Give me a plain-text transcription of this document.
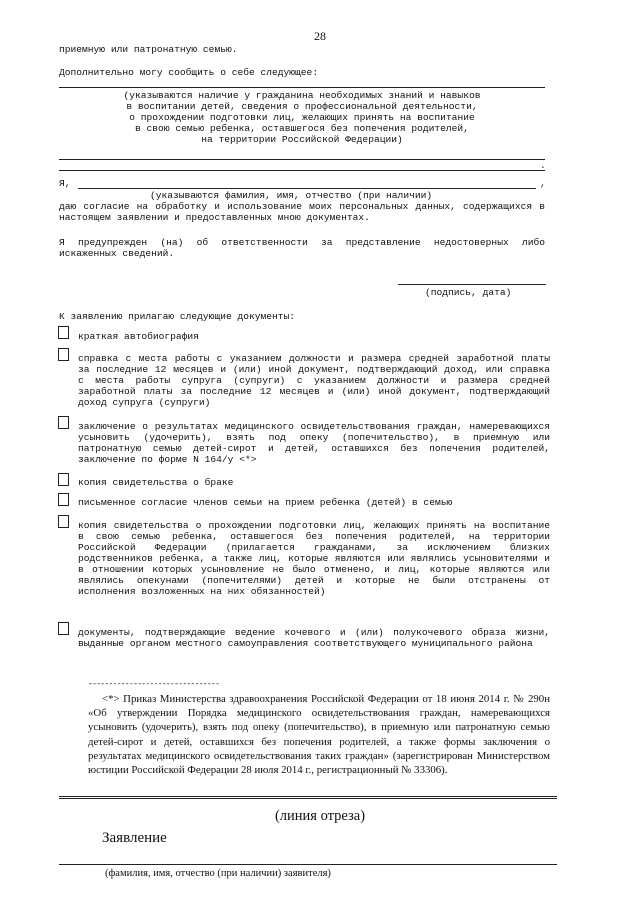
28
приемную или патронатную семью.
Дополнительно могу сообщить о себе следующее:
(указываются наличие у гражданина необходимых знаний и навыков
в воспитании детей, сведения о профессиональной деятельности,
о прохождении подготовки лиц, желающих принять на воспитание
в свою семью ребенка, оставшегося без попечения родителей,
на территории Российской Федерации)
.
Я,	,
(указываются фамилия, имя, отчество (при наличии)
даю согласие на обработку и использование моих персональных данных, содержащихся в настоящем заявлении и предоставленных мною документах.
Я предупрежден (на) об ответственности за представление недостоверных либо искаженных сведений.
(подпись, дата)
К заявлению прилагаю следующие документы:
краткая автобиография
справка с места работы с указанием должности и размера средней заработной платы за последние 12 месяцев и (или) иной документ, подтверждающий доход, или справка с места работы супруга (супруги) с указанием должности и размера средней заработной платы за последние 12 месяцев и (или) иной документ, подтверждающий доход супруга (супруги)
заключение о результатах медицинского освидетельствования граждан, намеревающихся усыновить (удочерить), взять под опеку (попечительство), в приемную или патронатную семью детей-сирот и детей, оставшихся без попечения родителей, заключение по форме N 164/у <*>
копия свидетельства о браке
письменное согласие членов семьи на прием ребенка (детей) в семью
копия свидетельства о прохождении подготовки лиц, желающих принять на воспитание в свою семью ребенка, оставшегося без попечения родителей, на территории Российской Федерации (прилагается гражданами, за исключением близких родственников ребенка, а также лиц, которые являются или являлись усыновителями и в отношении которых усыновление не было отменено, и лиц, которые являются или являлись опекунами (попечителями) детей и которые не были отстранены от исполнения возложенных на них обязанностей)
документы, подтверждающие ведение кочевого и (или) полукочевого образа жизни, выданные органом местного самоуправления соответствующего муниципального района
--------------------------------
<*> Приказ Министерства здравоохранения Российской Федерации от 18 июня 2014 г. № 290н «Об утверждении Порядка медицинского освидетельствования граждан, намеревающихся усыновить (удочерить), взять под опеку (попечительство), в приемную или патронатную семью детей-сирот и детей, оставшихся без попечения родителей, а также формы заключения о результатах медицинского освидетельствования таких граждан» (зарегистрирован Министерством юстиции Российской Федерации 28 июля 2014 г., регистрационный № 33306).
(линия отреза)
Заявление
(фамилия, имя, отчество (при наличии) заявителя)
